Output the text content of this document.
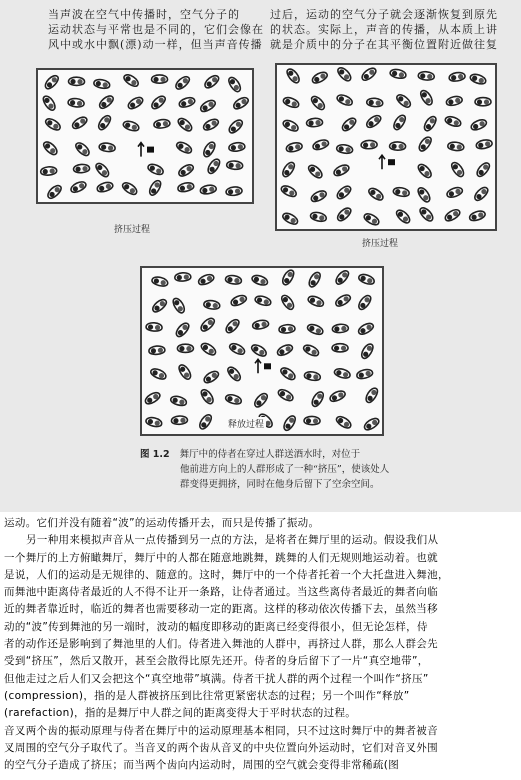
当声波在空气中传播时，空气分子的

运动状态与平常也是不同的，它们会像在

风中或水中飘(漂)动一样，但当声音传播

过后，运动的空气分子就会逐渐恢复到原先

的状态。实际上，声音的传播，从本质上讲

就是介质中的分子在其平衡位置附近做往复

挤压过程
挤压过程
释放过程

图 1.2 舞厅中的侍者在穿过人群送酒水时，对位于

他前进方向上的人群形成了一种“挤压”，使该处人

群变得更拥挤，同时在他身后留下了空余空间。

运动。它们并没有随着“波”的运动传播开去，而只是传播了振动。

另一种用来模拟声音从一点传播到另一点的方法，是将者在舞厅里的运动。假设我们从

一个舞厅的上方俯瞰舞厅，舞厅中的人都在随意地跳舞，跳舞的人们无规则地运动着。也就

是说，人们的运动是无规律的、随意的。这时，舞厅中的一个侍者托着一个大托盘进入舞池，

而舞池中距离侍者最近的人不得不让开一条路，让侍者通过。当这些离侍者最近的舞者向临

近的舞者靠近时，临近的舞者也需要移动一定的距离。这样的移动依次传播下去，虽然当移

动的“波”传到舞池的另一端时，波动的幅度即移动的距离已经变得很小，但无论怎样，侍

者的动作还是影响到了舞池里的人们。侍者进入舞池的人群中，再挤过人群，那么人群会先

受到“挤压”，然后又散开，甚至会散得比原先还开。侍者的身后留下了一片“真空地带”，

但他走过之后人们又会把这个“真空地带”填满。侍者干扰人群的两个过程一个叫作“挤压”

(compression)，指的是人群被挤压到比往常更紧密状态的过程；另一个叫作“释放”

(rarefaction)，指的是舞厅中人群之间的距离变得大于平时状态的过程。

音叉两个齿的振动原理与侍者在舞厅中的运动原理基本相同，只不过这时舞厅中的舞者被音

叉周围的空气分子取代了。当音叉的两个齿从音叉的中央位置向外运动时，它们对音叉外围

的空气分子造成了挤压；而当两个齿向内运动时，周围的空气就会变得非常稀疏(图
